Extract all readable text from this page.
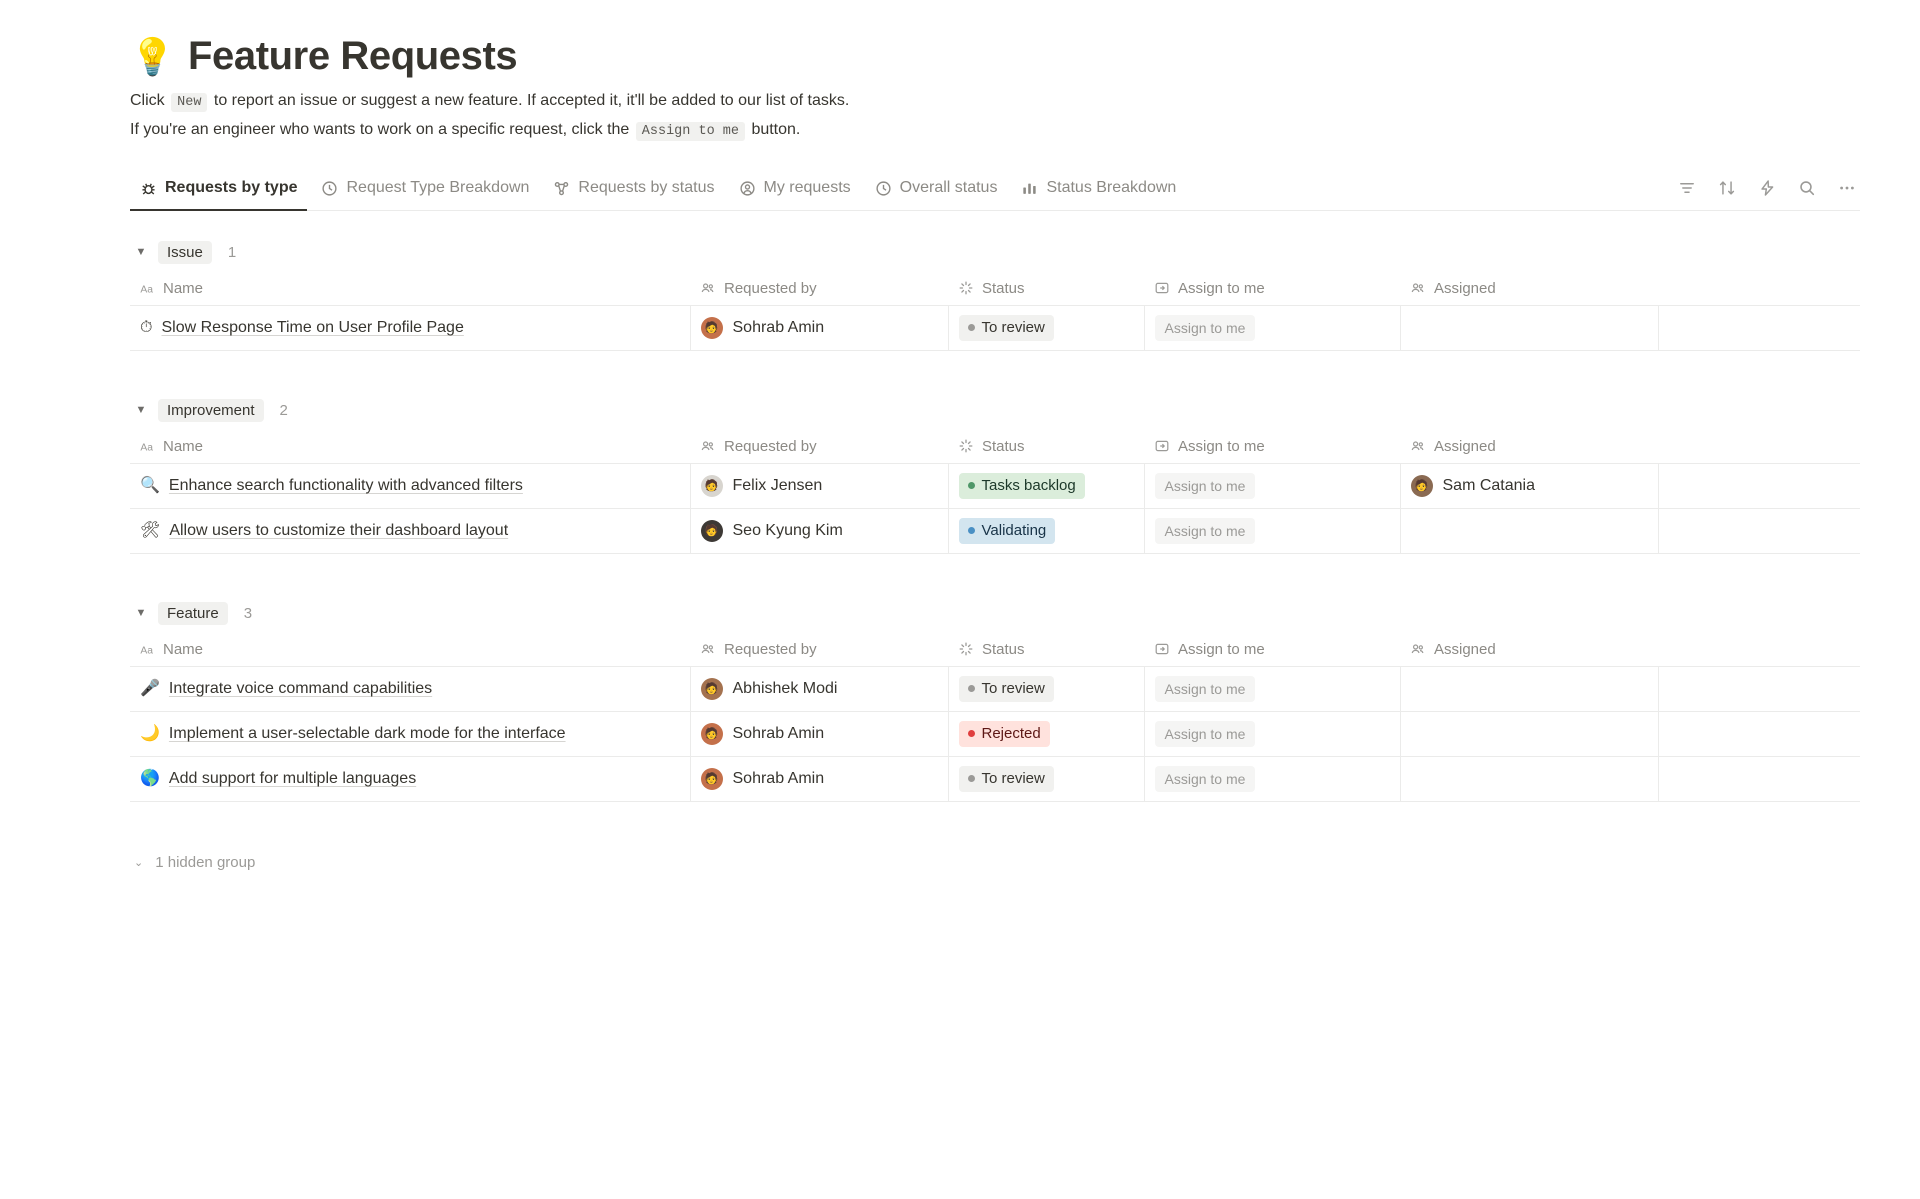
💡 Feature Requests
Click New to report an issue or suggest a new feature. If accepted it, it'll be added to our list of tasks.
If you're an engineer who wants to work on a specific request, click the Assign to me button.
Requests by type	Request Type Breakdown	Requests by status	My requests	Overall status	Status Breakdown
▼	Issue	1
Aa Name	Requested by	Status	Assign to me	Assigned	

⏱ Slow Response Time on User Profile Page	🧑 Sohrab Amin	To review	Assign to me		
▼	Improvement	2
Aa Name	Requested by	Status	Assign to me	Assigned	

🔍 Enhance search functionality with advanced filters	🧑 Felix Jensen	Tasks backlog	Assign to me	🧑 Sam Catania	

🛠 Allow users to customize their dashboard layout	🧑 Seo Kyung Kim	Validating	Assign to me		
▼	Feature	3
Aa Name	Requested by	Status	Assign to me	Assigned	

🎤 Integrate voice command capabilities	🧑 Abhishek Modi	To review	Assign to me		

🌙 Implement a user‑selectable dark mode for the interface	🧑 Sohrab Amin	Rejected	Assign to me		

🌎 Add support for multiple languages	🧑 Sohrab Amin	To review	Assign to me		
⌄ 1 hidden group
